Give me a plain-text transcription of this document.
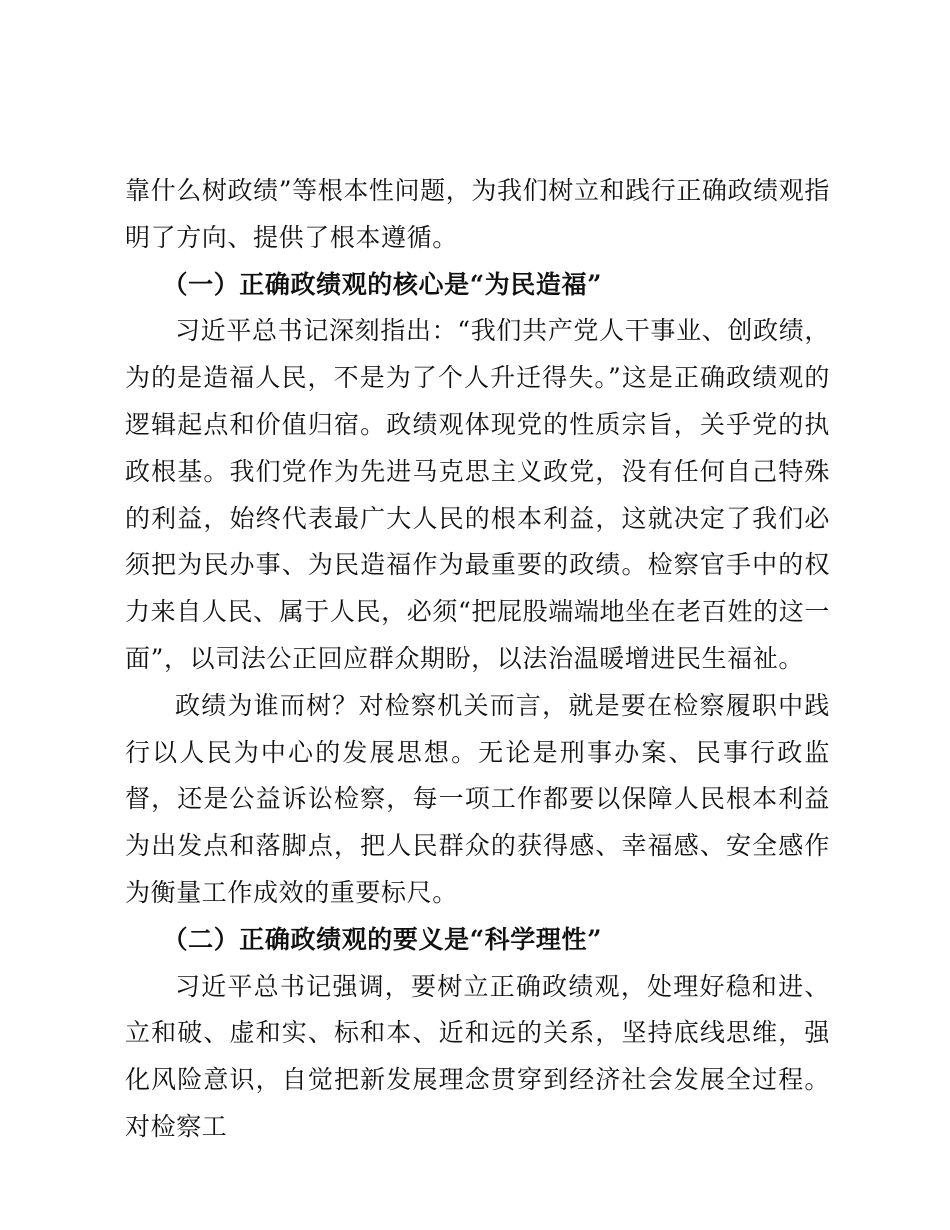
靠什么树政绩”等根本性问题，为我们树立和践行正确政绩观指明了方向、提供了根本遵循。

（一）正确政绩观的核心是“为民造福”

习近平总书记深刻指出：“我们共产党人干事业、创政绩，为的是造福人民，不是为了个人升迁得失。”这是正确政绩观的逻辑起点和价值归宿。政绩观体现党的性质宗旨，关乎党的执政根基。我们党作为先进马克思主义政党，没有任何自己特殊的利益，始终代表最广大人民的根本利益，这就决定了我们必须把为民办事、为民造福作为最重要的政绩。检察官手中的权力来自人民、属于人民，必须“把屁股端端地坐在老百姓的这一面”，以司法公正回应群众期盼，以法治温暖增进民生福祉。

政绩为谁而树？对检察机关而言，就是要在检察履职中践行以人民为中心的发展思想。无论是刑事办案、民事行政监督，还是公益诉讼检察，每一项工作都要以保障人民根本利益为出发点和落脚点，把人民群众的获得感、幸福感、安全感作为衡量工作成效的重要标尺。

（二）正确政绩观的要义是“科学理性”

习近平总书记强调，要树立正确政绩观，处理好稳和进、立和破、虚和实、标和本、近和远的关系，坚持底线思维，强化风险意识，自觉把新发展理念贯穿到经济社会发展全过程。对检察工
